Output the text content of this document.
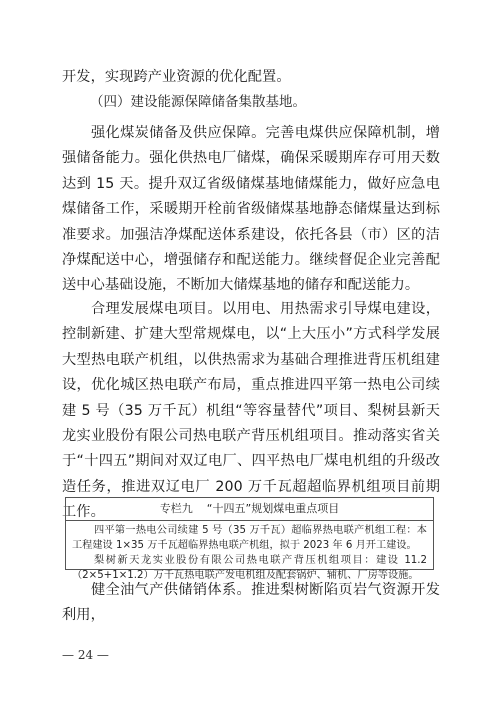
开发，实现跨产业资源的优化配置。

（四）建设能源保障储备集散基地。

强化煤炭储备及供应保障。完善电煤供应保障机制，增强储备能力。强化供热电厂储煤，确保采暖期库存可用天数达到 15 天。提升双辽省级储煤基地储煤能力，做好应急电煤储备工作，采暖期开栓前省级储煤基地静态储煤量达到标准要求。加强洁净煤配送体系建设，依托各县（市）区的洁净煤配送中心，增强储存和配送能力。继续督促企业完善配送中心基础设施，不断加大储煤基地的储存和配送能力。

合理发展煤电项目。以用电、用热需求引导煤电建设，控制新建、扩建大型常规煤电，以“上大压小”方式科学发展大型热电联产机组，以供热需求为基础合理推进背压机组建设，优化城区热电联产布局，重点推进四平第一热电公司续建 5 号（35 万千瓦）机组“等容量替代”项目、梨树县新天龙实业股份有限公司热电联产背压机组项目。推动落实省关于“十四五”期间对双辽电厂、四平热电厂煤电机组的升级改造任务，推进双辽电厂 200 万千瓦超超临界机组项目前期工作。	专栏九 “十四五”规划煤电重点项目
四平第一热电公司续建 5 号（35 万千瓦）超临界热电联产机组工程：本工程建设 1×35 万千瓦超临界热电联产机组，拟于 2023 年 6 月开工建设。
梨树新天龙实业股份有限公司热电联产背压机组项目：建设 11.2（2×5+1×1.2）万千瓦热电联产发电机组及配套锅炉、辅机、厂房等设施。

健全油气产供储销体系。推进梨树断陷页岩气资源开发利用，

— 24 —
